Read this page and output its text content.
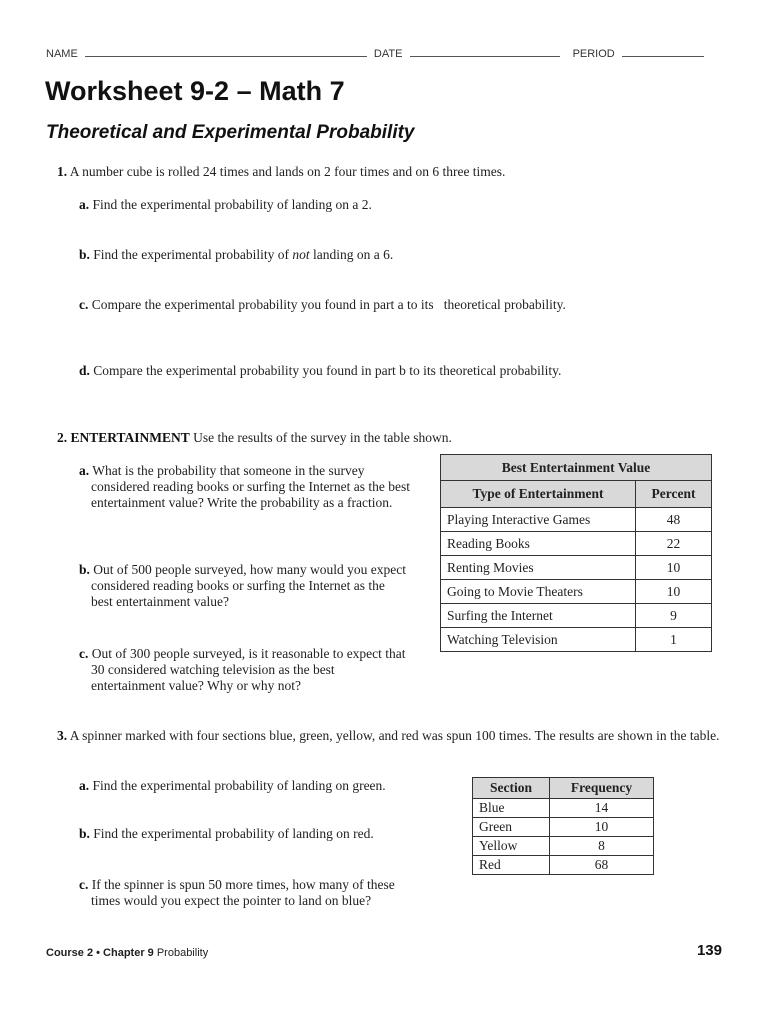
NAME	DATE	PERIOD
Worksheet 9-2 – Math 7
Theoretical and Experimental Probability
1. A number cube is rolled 24 times and lands on 2 four times and on 6 three times.
a. Find the experimental probability of landing on a 2.
b. Find the experimental probability of not landing on a 6.
c. Compare the experimental probability you found in part a to its   theoretical probability.
d. Compare the experimental probability you found in part b to its theoretical probability.
2. ENTERTAINMENT Use the results of the survey in the table shown.
a. What is the probability that someone in the survey considered reading books or surfing the Internet as the best entertainment value? Write the probability as a fraction.
b. Out of 500 people surveyed, how many would you expect considered reading books or surfing the Internet as the best entertainment value?
c. Out of 300 people surveyed, is it reasonable to expect that 30 considered watching television as the best entertainment value? Why or why not?
Best Entertainment Value	
Type of Entertainment	Percent
Playing Interactive Games	48
Reading Books	22
Renting Movies	10
Going to Movie Theaters	10
Surfing the Internet	9
Watching Television	1
3. A spinner marked with four sections blue, green, yellow, and red was spun 100 times. The results are shown in the table.
a. Find the experimental probability of landing on green.
b. Find the experimental probability of landing on red.
c. If the spinner is spun 50 more times, how many of these times would you expect the pointer to land on blue?
Section	Frequency
Blue	14
Green	10
Yellow	8
Red	68
Course 2 • Chapter 9 Probability	139
